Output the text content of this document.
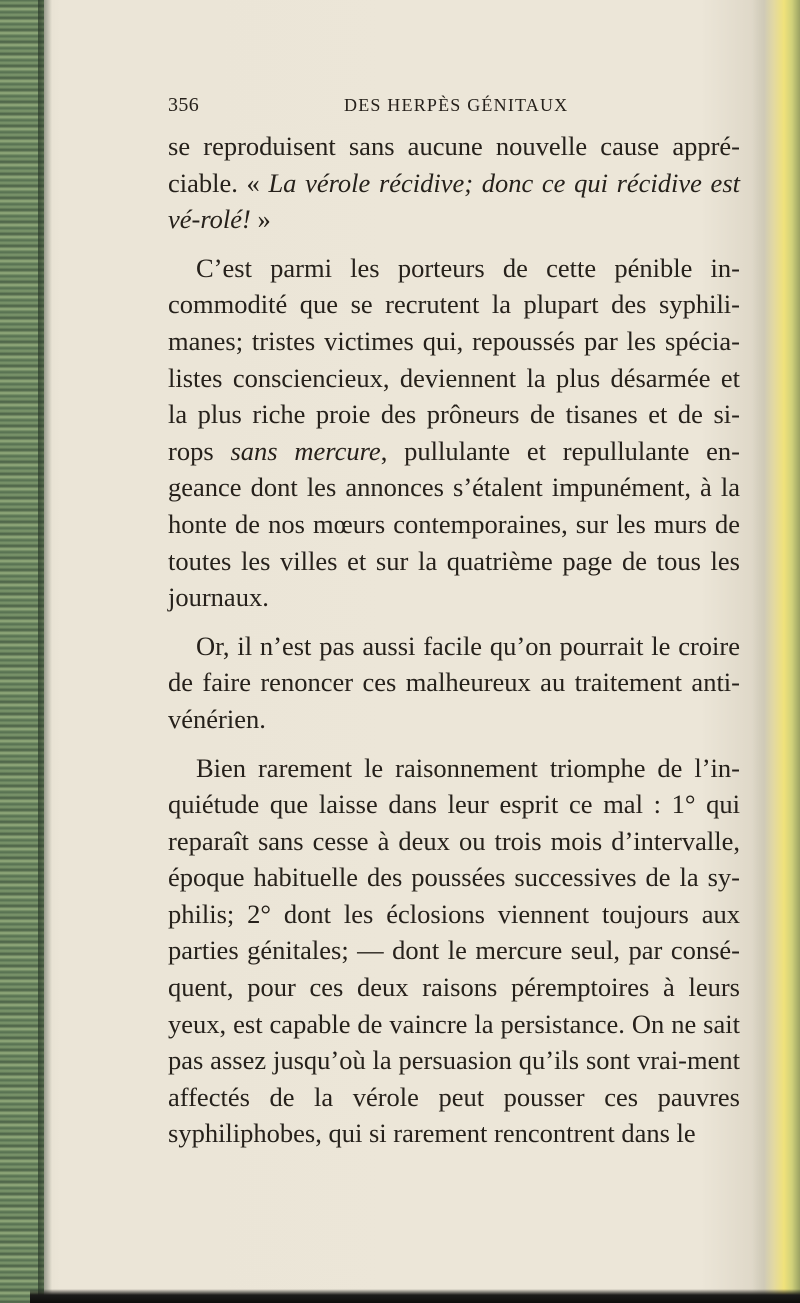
356	DES HERPÈS GÉNITAUX

se reproduisent sans aucune nouvelle cause appré-ciable. « La vérole récidive; donc ce qui récidive est vé-rolé! »

C’est parmi les porteurs de cette pénible in-commodité que se recrutent la plupart des syphili-manes; tristes victimes qui, repoussés par les spécia-listes consciencieux, deviennent la plus désarmée et la plus riche proie des prôneurs de tisanes et de si-rops sans mercure, pullulante et repullulante en-geance dont les annonces s’étalent impunément, à la honte de nos mœurs contemporaines, sur les murs de toutes les villes et sur la quatrième page de tous les journaux.

Or, il n’est pas aussi facile qu’on pourrait le croire de faire renoncer ces malheureux au traitement anti-vénérien.

Bien rarement le raisonnement triomphe de l’in-quiétude que laisse dans leur esprit ce mal : 1° qui reparaît sans cesse à deux ou trois mois d’intervalle, époque habituelle des poussées successives de la sy-philis; 2° dont les éclosions viennent toujours aux parties génitales; — dont le mercure seul, par consé-quent, pour ces deux raisons péremptoires à leurs yeux, est capable de vaincre la persistance. On ne sait pas assez jusqu’où la persuasion qu’ils sont vrai-ment affectés de la vérole peut pousser ces pauvres syphiliphobes, qui si rarement rencontrent dans le
